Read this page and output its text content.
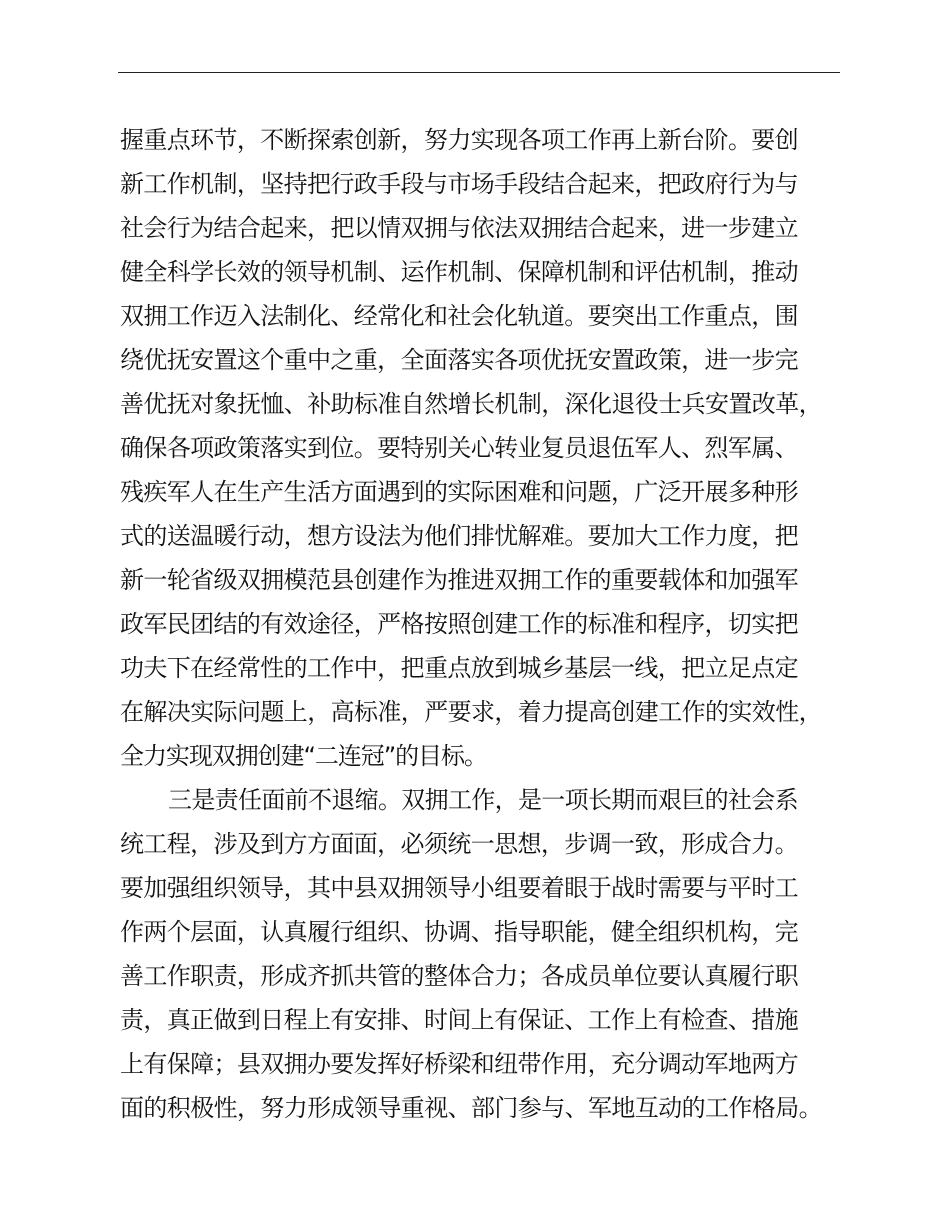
握重点环节，不断探索创新，努力实现各项工作再上新台阶。要创
新工作机制，坚持把行政手段与市场手段结合起来，把政府行为与
社会行为结合起来，把以情双拥与依法双拥结合起来，进一步建立
健全科学长效的领导机制、运作机制、保障机制和评估机制，推动
双拥工作迈入法制化、经常化和社会化轨道。要突出工作重点，围
绕优抚安置这个重中之重，全面落实各项优抚安置政策，进一步完
善优抚对象抚恤、补助标准自然增长机制，深化退役士兵安置改革，
确保各项政策落实到位。要特别关心转业复员退伍军人、烈军属、
残疾军人在生产生活方面遇到的实际困难和问题，广泛开展多种形
式的送温暖行动，想方设法为他们排忧解难。要加大工作力度，把
新一轮省级双拥模范县创建作为推进双拥工作的重要载体和加强军
政军民团结的有效途径，严格按照创建工作的标准和程序，切实把
功夫下在经常性的工作中，把重点放到城乡基层一线，把立足点定
在解决实际问题上，高标准，严要求，着力提高创建工作的实效性，
全力实现双拥创建“二连冠”的目标。
三是责任面前不退缩。双拥工作，是一项长期而艰巨的社会系
统工程，涉及到方方面面，必须统一思想，步调一致，形成合力。
要加强组织领导，其中县双拥领导小组要着眼于战时需要与平时工
作两个层面，认真履行组织、协调、指导职能，健全组织机构，完
善工作职责，形成齐抓共管的整体合力；各成员单位要认真履行职
责，真正做到日程上有安排、时间上有保证、工作上有检查、措施
上有保障；县双拥办要发挥好桥梁和纽带作用，充分调动军地两方
面的积极性，努力形成领导重视、部门参与、军地互动的工作格局。
